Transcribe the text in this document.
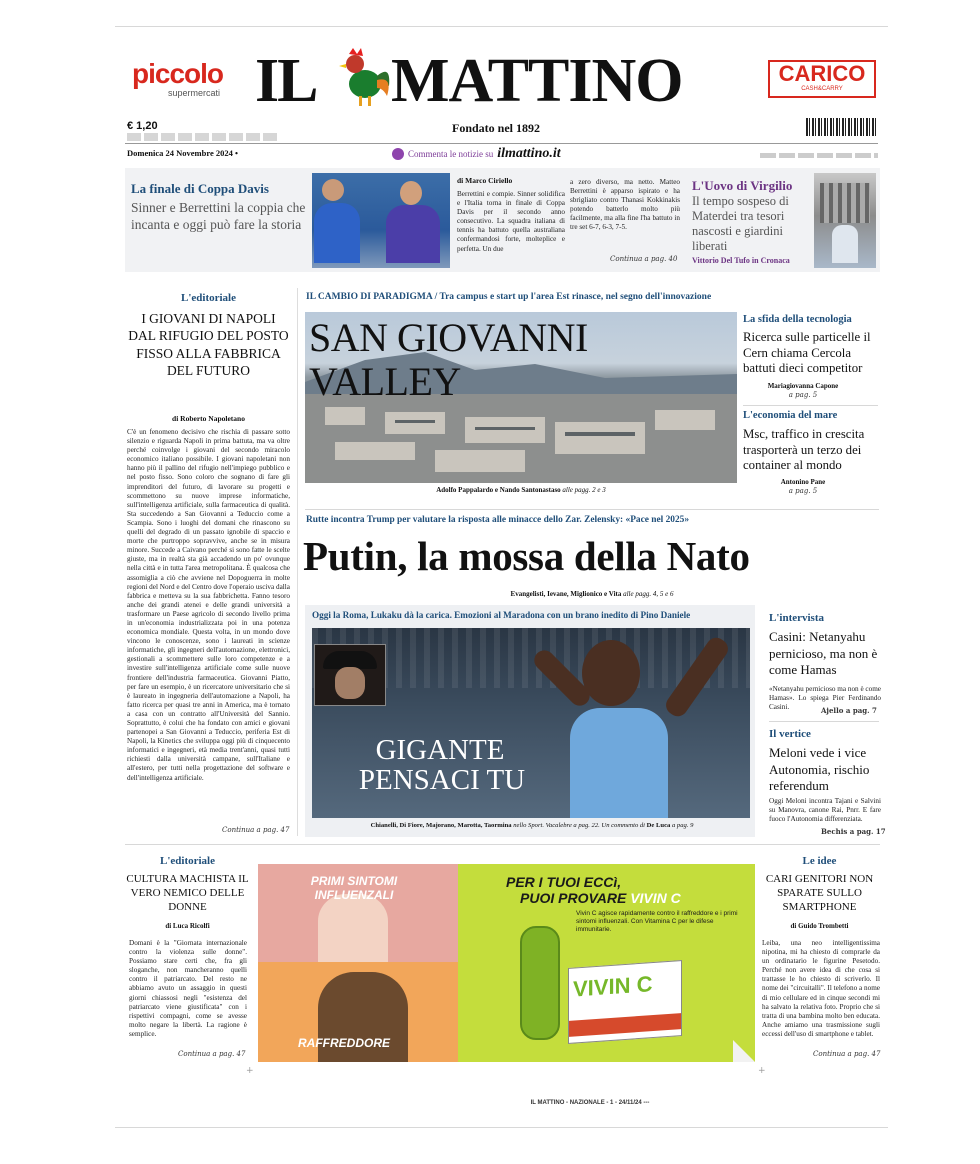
piccolo
supermercati IL MATTINO	CARICO
CASH&CARRY
€ 1,20	Fondato nel 1892
Domenica 24 Novembre 2024 •	Commenta le notizie su ilmattino.it
La finale di Coppa Davis
Sinner e Berrettini la coppia che incanta e oggi può fare la storia
di Marco Ciriello
Berrettini e compie. Sinner solidifica e l'Italia torna in finale di Coppa Davis per il secondo anno consecutivo. La squadra italiana di tennis ha battuto quella australiana confermandosi forte, molteplice e perfetta. Un due
a zero diverso, ma netto. Matteo Berrettini è apparso ispirato e ha sbrigliato contro Thanasi Kokkinakis potendo batterlo molto più facilmente, ma alla fine l'ha battuto in tre set 6-7, 6-3, 7-5.
Continua a pag. 40
L'Uovo di Virgilio
Il tempo sospeso di Materdei tra tesori nascosti e giardini liberati
Vittorio Del Tufo in Cronaca
L'editoriale
I GIOVANI DI NAPOLI DAL RIFUGIO DEL POSTO FISSO ALLA FABBRICA DEL FUTURO
di Roberto Napoletano
C'è un fenomeno decisivo che rischia di passare sotto silenzio e riguarda Napoli in prima battuta, ma va oltre perché coinvolge i giovani del secondo miracolo economico italiano possibile. I giovani napoletani non hanno più il pallino del rifugio nell'impiego pubblico e nel posto fisso. Sono coloro che sognano di fare gli imprenditori del futuro, di lavorare su progetti e scommettono su nuove imprese informatiche, sull'intelligenza artificiale, sulla farmaceutica di qualità. Sta succedendo a San Giovanni a Teduccio come a Scampia. Sono i luoghi del domani che rinascono su quelli del degrado di un passato ignobile di spaccio e morte che purtroppo sopravvive, anche se in misura minore. Succede a Caivano perché si sono fatte le scelte giuste, ma in realtà sta già accadendo un po' ovunque nella città e in tutta l'area metropolitana. È qualcosa che assomiglia a ciò che avviene nel Dopoguerra in molte regioni del Nord e del Centro dove l'operaio usciva dalla fabbrica e metteva su la sua fabbrichetta. Fanno tesoro anche dei grandi atenei e delle grandi università a trasformare un Paese agricolo di secondo livello prima in un'economia industrializzata poi in una potenza economica mondiale. Questa volta, in un mondo dove vincono le conoscenze, sono i laureati in scienze informatiche, gli ingegneri dell'automazione, elettronici, gestionali a scommettere sulle loro competenze e a investire sull'intelligenza artificiale come sulle nuove frontiere dell'industria farmaceutica. Giovanni Piatto, per fare un esempio, è un ricercatore universitario che si è laureato in ingegneria dell'automazione a Napoli, ha fatto ricerca per quasi tre anni in America, ma è tornato a casa con un contratto all'Università del Sannio. Soprattutto, è colui che ha fondato con amici e giovani partenopei a San Giovanni a Teduccio, periferia Est di Napoli, la Kinetics che sviluppa oggi più di cinquecento informatici e ingegneri, età media trent'anni, quasi tutti richiesti dalla università campane, sull'Italiane e all'estero, per tutti nella progettazione del software e dell'intelligenza artificiale.
Continua a pag. 47
IL CAMBIO DI PARADIGMA / Tra campus e start up l'area Est rinasce, nel segno dell'innovazione
SAN GIOVANNI VALLEY
Adolfo Pappalardo e Nando Santonastaso alle pagg. 2 e 3
La sfida della tecnologia
Ricerca sulle particelle il Cern chiama Cercola battuti dieci competitor
Mariagiovanna Capone
a pag. 5
L'economia del mare
Msc, traffico in crescita trasporterà un terzo dei container al mondo
Antonino Pane
a pag. 5
Rutte incontra Trump per valutare la risposta alle minacce dello Zar. Zelensky: «Pace nel 2025»
Putin, la mossa della Nato
Evangelisti, Ievane, Miglionico e Vita alle pagg. 4, 5 e 6
Oggi la Roma, Lukaku dà la carica. Emozioni al Maradona con un brano inedito di Pino Daniele
GIGANTE
PENSACI TU
Chianelli, Di Fiore, Majorano, Marotta, Taormina nello Sport. Vacalebre a pag. 22. Un commento di De Luca a pag. 9
L'intervista
Casini: Netanyahu pernicioso, ma non è come Hamas
«Netanyahu pernicioso ma non è come Hamas». Lo spiega Pier Ferdinando Casini.	Ajello a pag. 7
Il vertice
Meloni vede i vice Autonomia, rischio referendum
Oggi Meloni incontra Tajani e Salvini su Manovra, canone Rai, Pnrr. E fare fuoco l'Autonomia differenziata.
Bechis a pag. 17
L'editoriale
CULTURA MACHISTA IL VERO NEMICO DELLE DONNE
di Luca Ricolfi
Domani è la "Giornata internazionale contro la violenza sulle donne". Possiamo stare certi che, fra gli sloganche, non mancheranno quelli contro il patriarcato. Del resto ne abbiamo avuto un assaggio in questi giorni chiassosi negli "esistenza del patriarcato viene giustificata" con i rispettivi compagni, come se avesse molto negare la libertà. La ragione è semplice.
Continua a pag. 47
PRIMI SINTOMI INFLUENZALI
RAFFREDDORE
PER I TUOI ECCì,
PUOI PROVARE VIVIN C
Vivin C agisce rapidamente contro il raffreddore e i primi sintomi influenzali. Con Vitamina C per le difese immunitarie.
VIVIN C
Le idee
CARI GENITORI NON SPARATE SULLO SMARTPHONE
di Guido Trombetti
Leiba, una neo intelligentissima nipotina, mi ha chiesto di comprarle da un ordinatario le figurine Pesetodo. Perché non avere idea di che cosa si trattasse le ho chiesto di scriverlo. Il nome dei "circuitalli". Il telefono a nome di mio cellulare ed in cinque secondi mi ha salvato la relativa foto. Proprio che si tratta di una bambina molto ben educata. Anche amiamo una trasmissione sugli eccessi dell'uso di smartphone e tablet.
Continua a pag. 47
+	+
IL MATTINO - NAZIONALE - 1 - 24/11/24 ---
